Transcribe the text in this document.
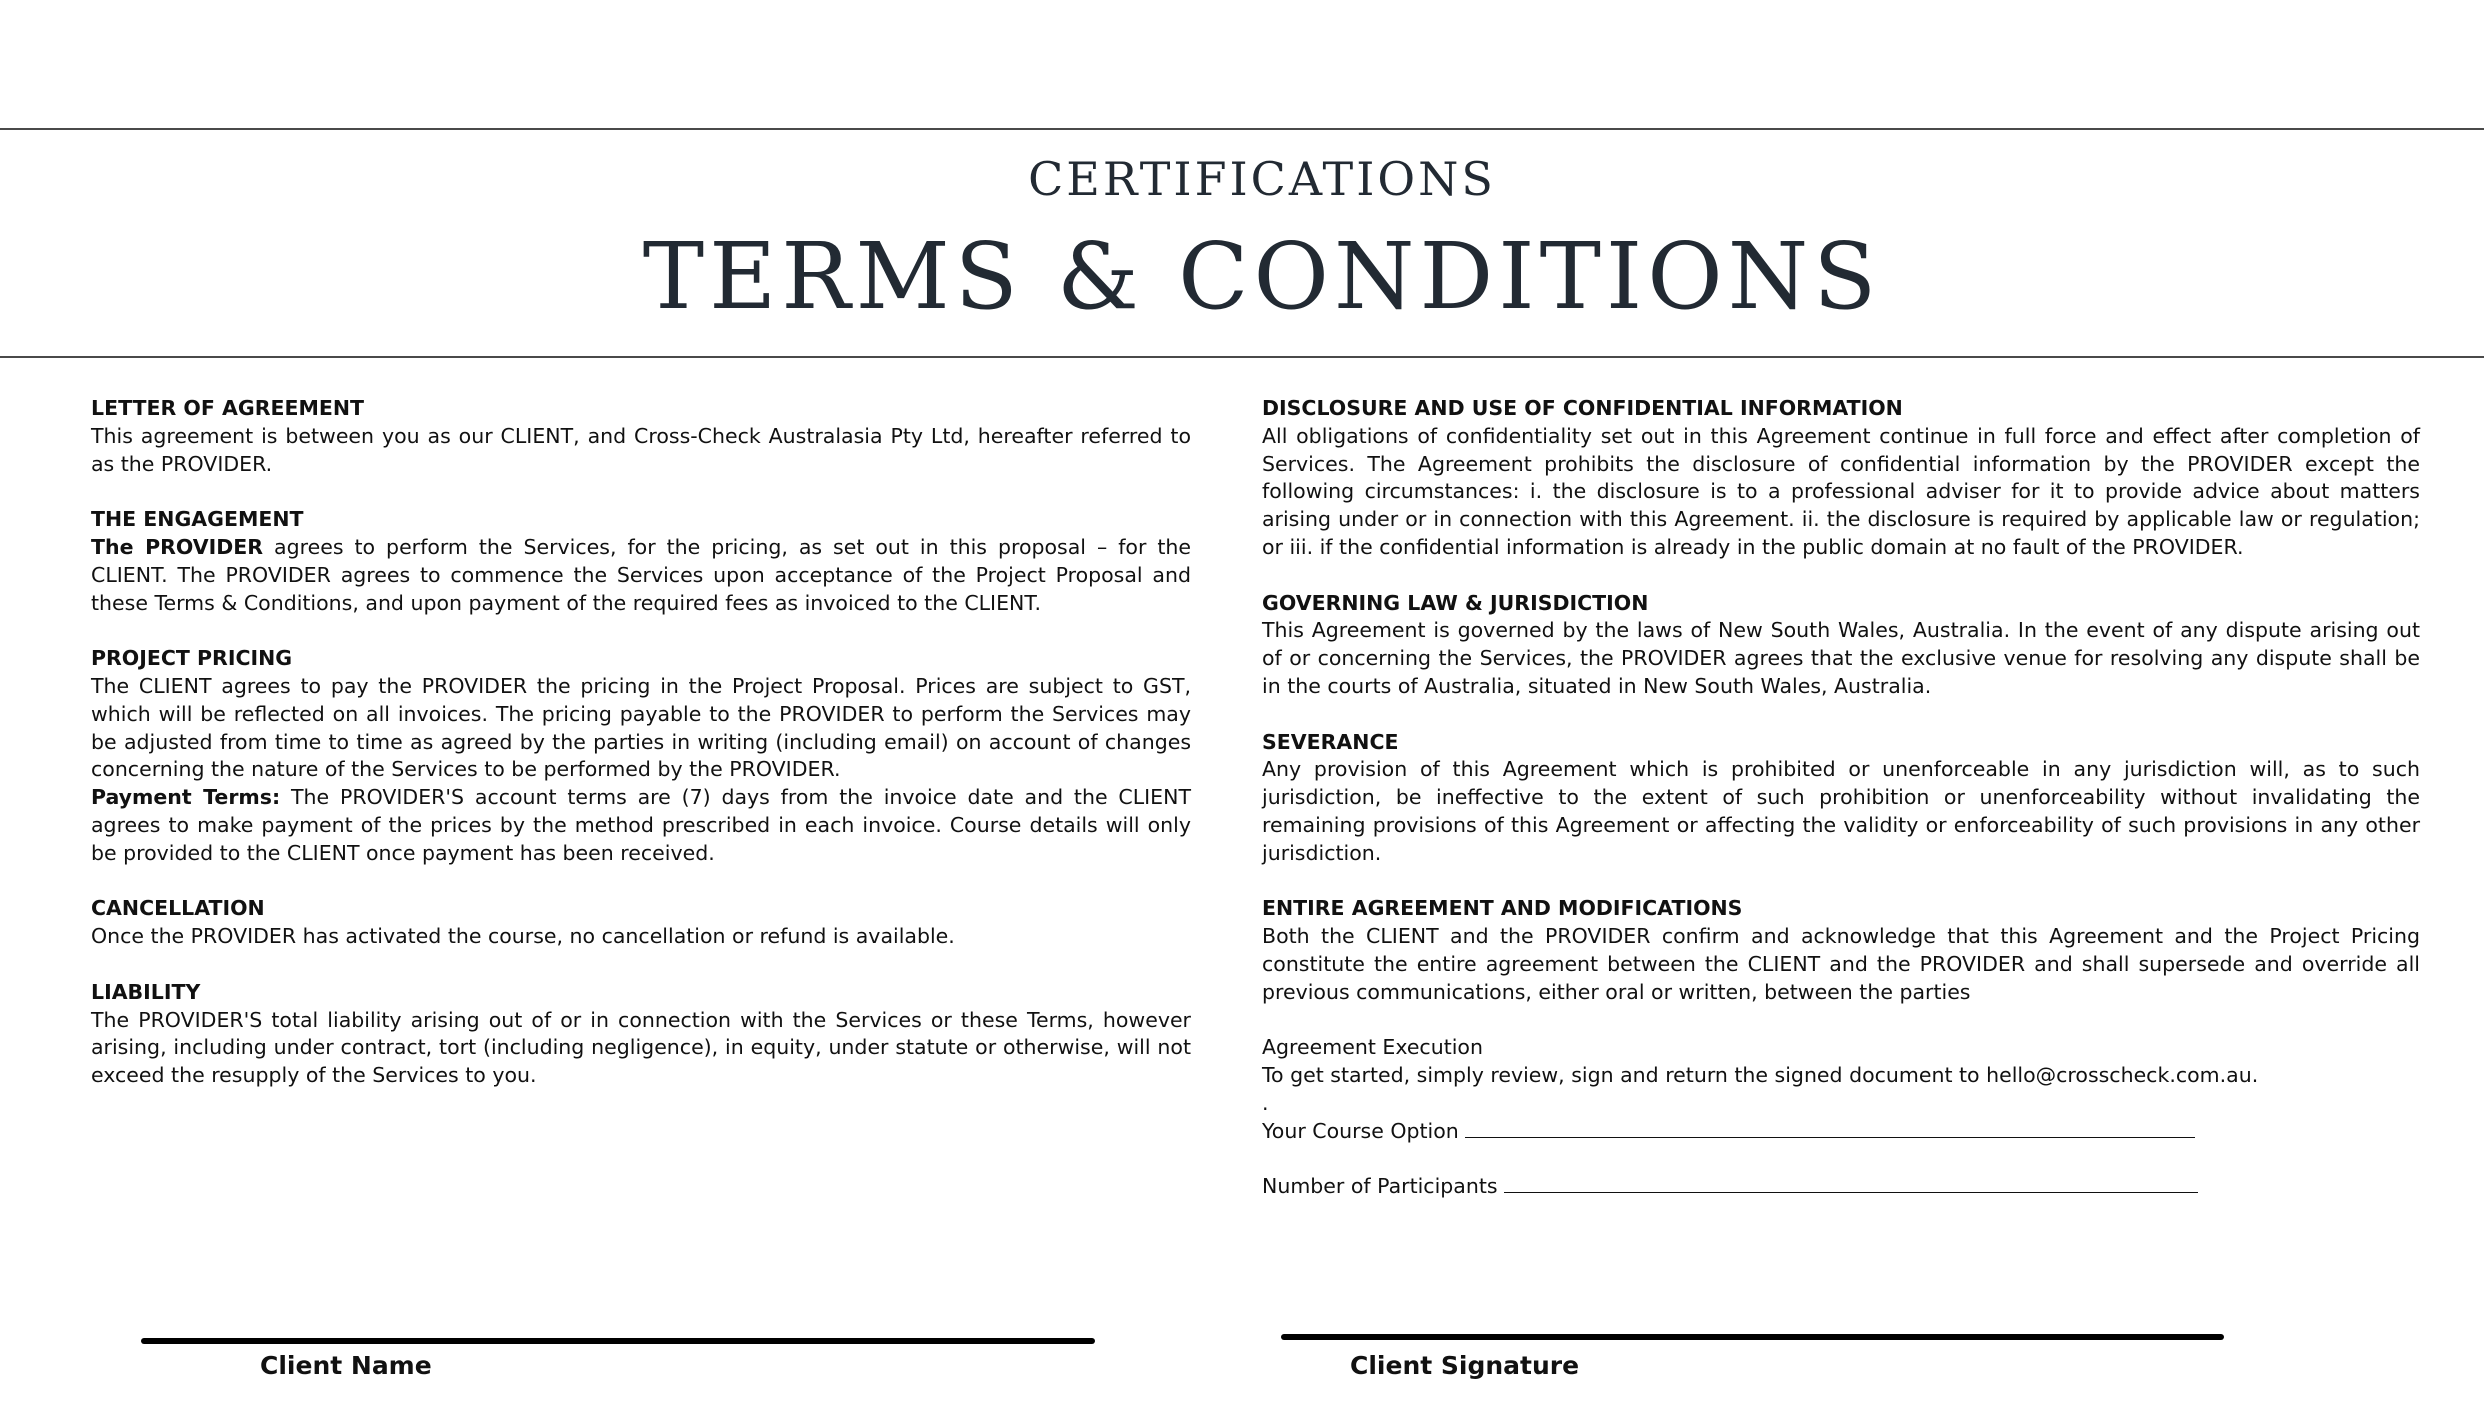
CERTIFICATIONS
TERMS & CONDITIONS

LETTER OF AGREEMENT

This agreement is between you as our CLIENT, and Cross-Check Australasia Pty Ltd, hereafter referred to as the PROVIDER.

THE ENGAGEMENT

The PROVIDER agrees to perform the Services, for the pricing, as set out in this proposal – for the CLIENT. The PROVIDER agrees to commence the Services upon acceptance of the Project Proposal and these Terms & Conditions, and upon payment of the required fees as invoiced to the CLIENT.

PROJECT PRICING

The CLIENT agrees to pay the PROVIDER the pricing in the Project Proposal. Prices are subject to GST, which will be reflected on all invoices. The pricing payable to the PROVIDER to perform the Services may be adjusted from time to time as agreed by the parties in writing (including email) on account of changes concerning the nature of the Services to be performed by the PROVIDER.

Payment Terms: The PROVIDER'S account terms are (7) days from the invoice date and the CLIENT agrees to make payment of the prices by the method prescribed in each invoice. Course details will only be provided to the CLIENT once payment has been received.

CANCELLATION

Once the PROVIDER has activated the course, no cancellation or refund is available.

LIABILITY

The PROVIDER'S total liability arising out of or in connection with the Services or these Terms, however arising, including under contract, tort (including negligence), in equity, under statute or otherwise, will not exceed the resupply of the Services to you.

DISCLOSURE AND USE OF CONFIDENTIAL INFORMATION

All obligations of confidentiality set out in this Agreement continue in full force and effect after completion of Services. The Agreement prohibits the disclosure of confidential information by the PROVIDER except the following circumstances: i. the disclosure is to a professional adviser for it to provide advice about matters arising under or in connection with this Agreement. ii. the disclosure is required by applicable law or regulation; or iii. if the confidential information is already in the public domain at no fault of the PROVIDER.

GOVERNING LAW & JURISDICTION

This Agreement is governed by the laws of New South Wales, Australia. In the event of any dispute arising out of or concerning the Services, the PROVIDER agrees that the exclusive venue for resolving any dispute shall be in the courts of Australia, situated in New South Wales, Australia.

SEVERANCE

Any provision of this Agreement which is prohibited or unenforceable in any jurisdiction will, as to such jurisdiction, be ineffective to the extent of such prohibition or unenforceability without invalidating the remaining provisions of this Agreement or affecting the validity or enforceability of such provisions in any other jurisdiction.

ENTIRE AGREEMENT AND MODIFICATIONS

Both the CLIENT and the PROVIDER confirm and acknowledge that this Agreement and the Project Pricing constitute the entire agreement between the CLIENT and the PROVIDER and shall supersede and override all previous communications, either oral or written, between the parties

Agreement Execution

To get started, simply review, sign and return the signed document to hello@crosscheck.com.au.

.

Your Course Option

Number of Participants

Client Name	Client Signature
